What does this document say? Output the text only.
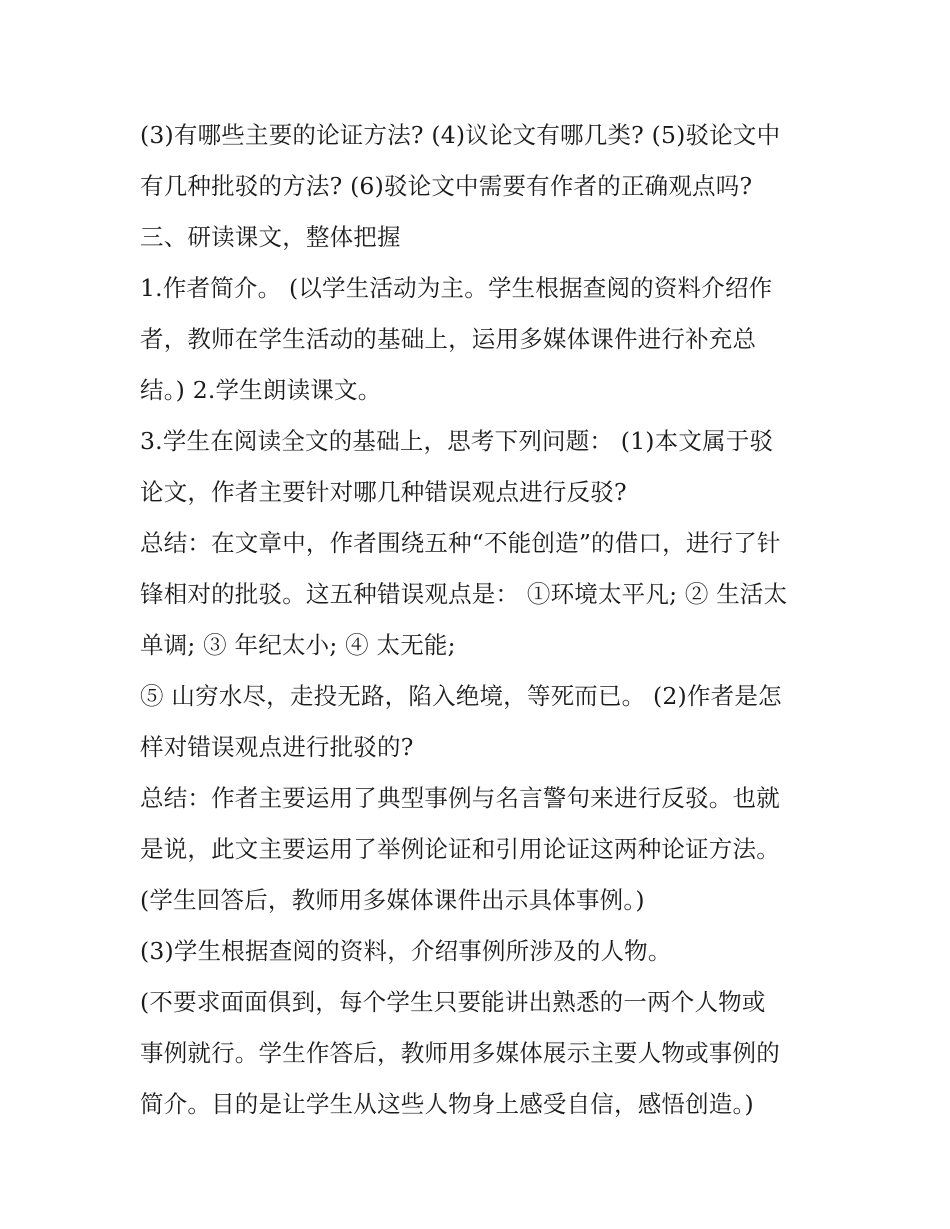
(3)有哪些主要的论证方法? (4)议论文有哪几类? (5)驳论文中
有几种批驳的方法? (6)驳论文中需要有作者的正确观点吗?
三、研读课文，整体把握
1.作者简介。 (以学生活动为主。学生根据查阅的资料介绍作
者，教师在学生活动的基础上，运用多媒体课件进行补充总
结。) 2.学生朗读课文。
3.学生在阅读全文的基础上，思考下列问题： (1)本文属于驳
论文，作者主要针对哪几种错误观点进行反驳?
总结：在文章中，作者围绕五种“不能创造”的借口，进行了针
锋相对的批驳。这五种错误观点是： ①环境太平凡; ② 生活太
单调; ③ 年纪太小; ④ 太无能;
⑤ 山穷水尽，走投无路，陷入绝境，等死而已。 (2)作者是怎
样对错误观点进行批驳的?
总结：作者主要运用了典型事例与名言警句来进行反驳。也就
是说，此文主要运用了举例论证和引用论证这两种论证方法。
(学生回答后，教师用多媒体课件出示具体事例。)
(3)学生根据查阅的资料，介绍事例所涉及的人物。
(不要求面面俱到，每个学生只要能讲出熟悉的一两个人物或
事例就行。学生作答后，教师用多媒体展示主要人物或事例的
简介。目的是让学生从这些人物身上感受自信，感悟创造。)
